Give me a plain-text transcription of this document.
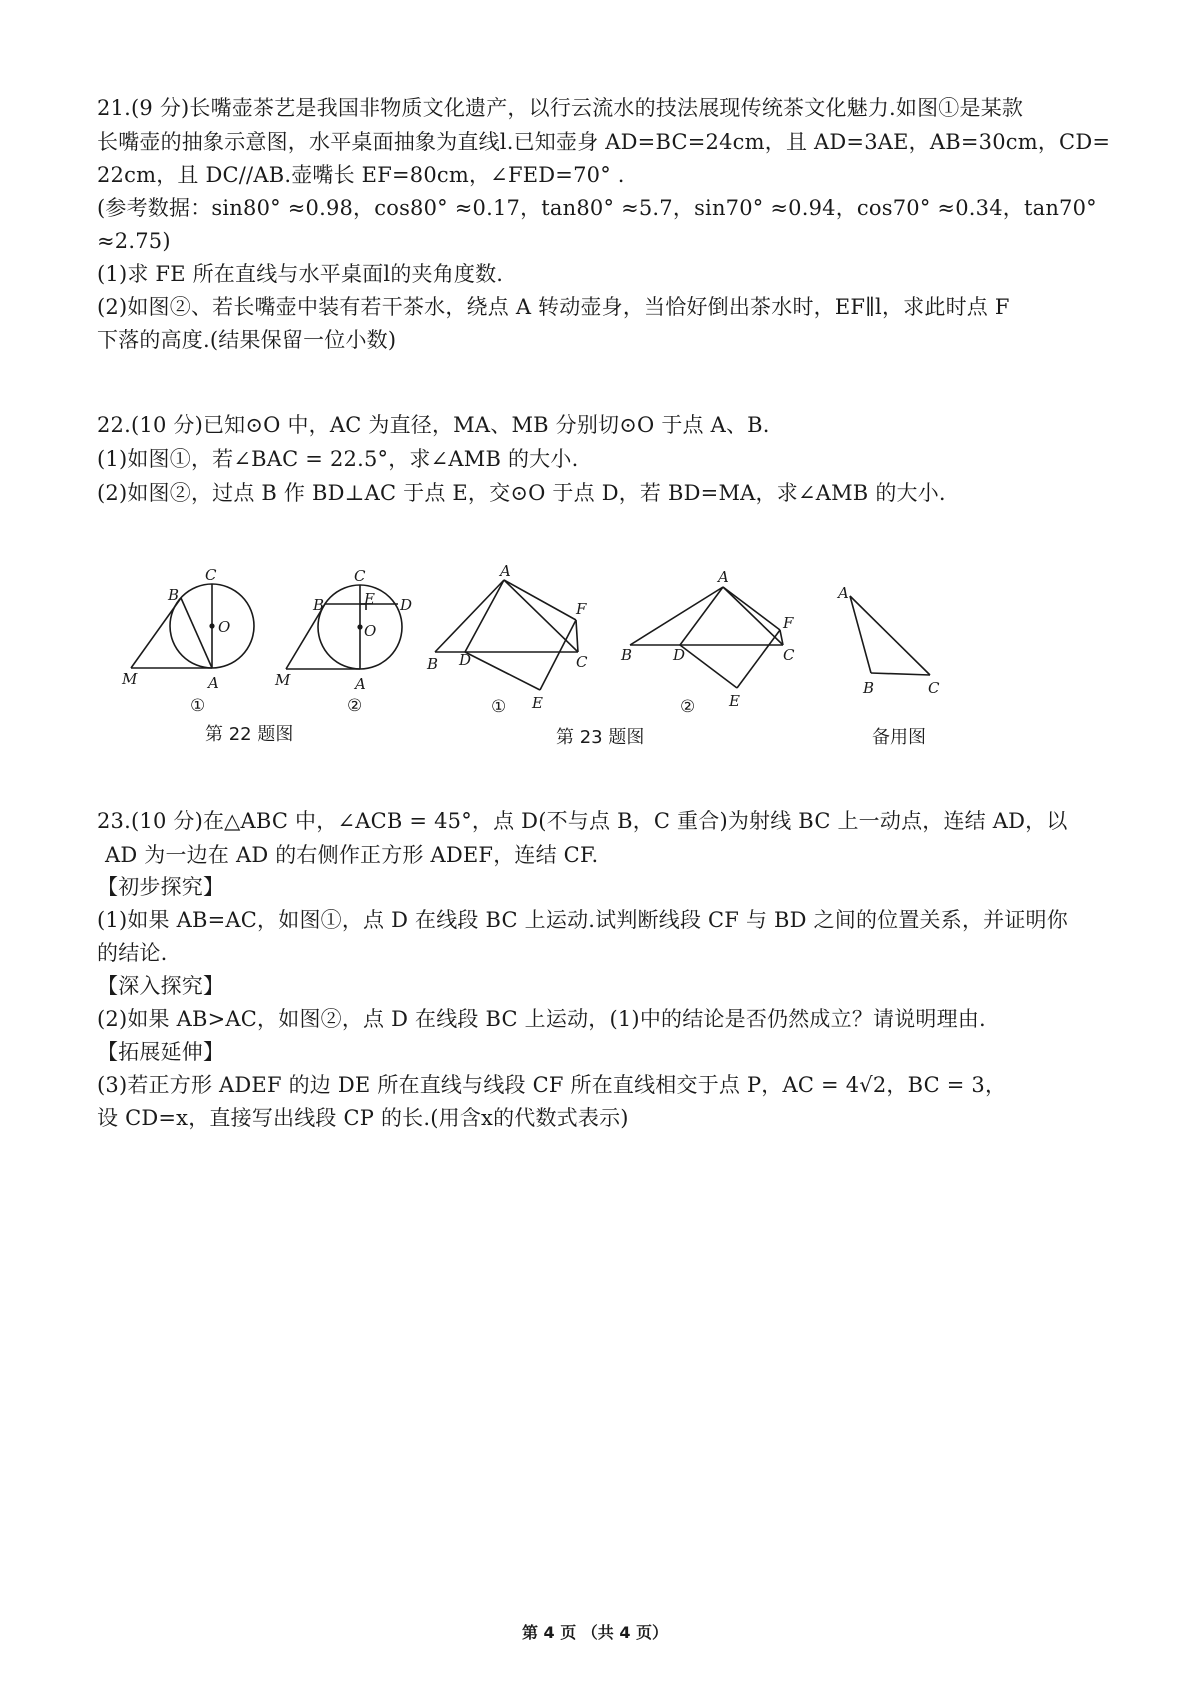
21.(9 分)长嘴壶茶艺是我国非物质文化遗产，以行云流水的技法展现传统茶文化魅力.如图①是某款

长嘴壶的抽象示意图，水平桌面抽象为直线l.已知壶身 AD=BC=24cm，且 AD=3AE，AB=30cm，CD=

22cm，且 DC//AB.壶嘴长 EF=80cm，∠FED=70° .

(参考数据：sin80° ≈0.98，cos80° ≈0.17，tan80° ≈5.7，sin70° ≈0.94，cos70° ≈0.34，tan70°

≈2.75)

(1)求 FE 所在直线与水平桌面l的夹角度数.

(2)如图②、若长嘴壶中装有若干茶水，绕点 A 转动壶身，当恰好倒出茶水时，EF∥l，求此时点 F

下落的高度.(结果保留一位小数)

22.(10 分)已知⊙O 中，AC 为直径，MA、MB 分别切⊙O 于点 A、B.

(1)如图①，若∠BAC = 22.5°，求∠AMB 的大小.

(2)如图②，过点 B 作 BD⊥AC 于点 E，交⊙O 于点 D，若 BD=MA，求∠AMB 的大小.

C
B
O
M	A
①
C
B	E D
O
M	A
②
A
F
B D	C
E
①
A
F
B	D	C
E
②
A
B	C
第 22 题图	第 23 题图	备用图

23.(10 分)在△ABC 中，∠ACB = 45°，点 D(不与点 B，C 重合)为射线 BC 上一动点，连结 AD，以

AD 为一边在 AD 的右侧作正方形 ADEF，连结 CF.

【初步探究】

(1)如果 AB=AC，如图①，点 D 在线段 BC 上运动.试判断线段 CF 与 BD 之间的位置关系，并证明你

的结论.

【深入探究】

(2)如果 AB>AC，如图②，点 D 在线段 BC 上运动，(1)中的结论是否仍然成立？请说明理由.

【拓展延伸】

(3)若正方形 ADEF 的边 DE 所在直线与线段 CF 所在直线相交于点 P，AC = 4√2，BC = 3，

设 CD=x，直接写出线段 CP 的长.(用含x的代数式表示)

第 4 页 （共 4 页）
